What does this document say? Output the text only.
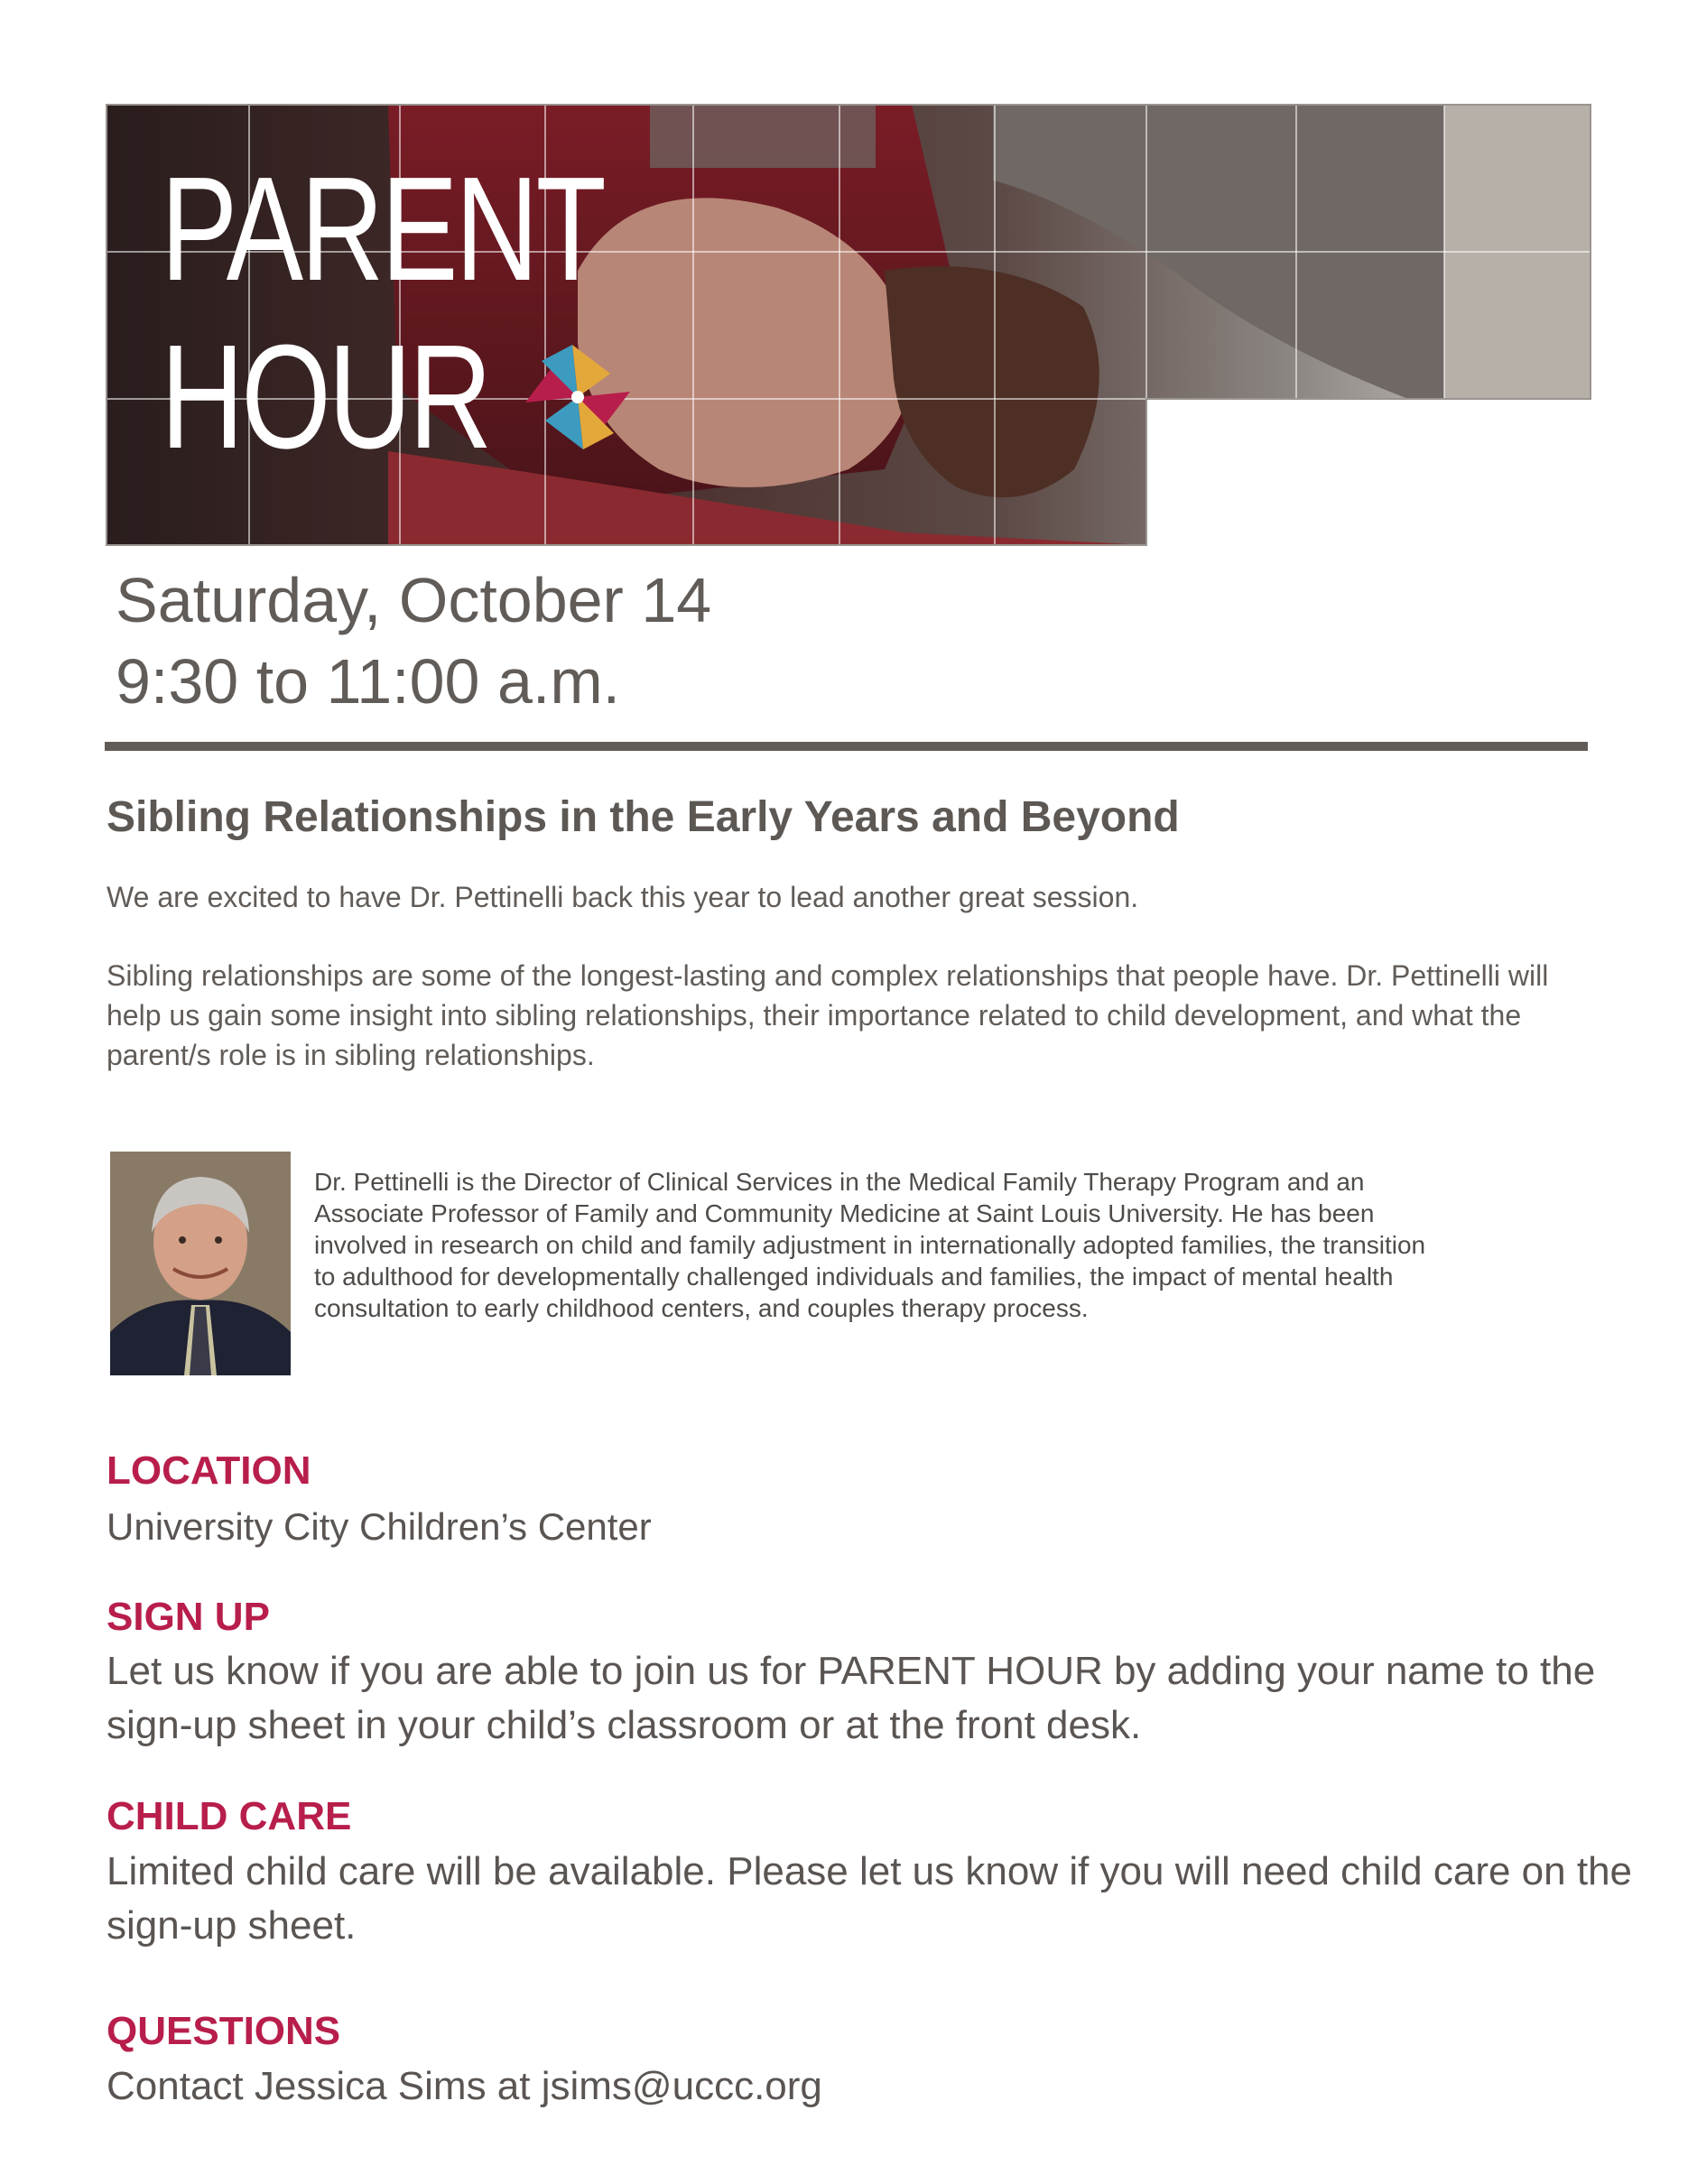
PARENT
HOUR
Saturday, October 14
9:30 to 11:00 a.m.
Sibling Relationships in the Early Years and Beyond

We are excited to have Dr. Pettinelli back this year to lead another great session.

Sibling relationships are some of the longest-lasting and complex relationships that people have. Dr. Pettinelli will help us gain some insight into sibling relationships, their importance related to child development, and what the parent/s role is in sibling relationships.

Dr. Pettinelli is the Director of Clinical Services in the Medical Family Therapy Program and an Associate Professor of Family and Community Medicine at Saint Louis University. He has been involved in research on child and family adjustment in internationally adopted families, the transition to adulthood for developmentally challenged individuals and families, the impact of mental health consultation to early childhood centers, and couples therapy process.

LOCATION

University City Children’s Center

SIGN UP

Let us know if you are able to join us for PARENT HOUR by adding your name to the sign-up sheet in your child’s classroom or at the front desk.

CHILD CARE

Limited child care will be available. Please let us know if you will need child care on the sign-up sheet.

QUESTIONS

Contact Jessica Sims at jsims@uccc.org
